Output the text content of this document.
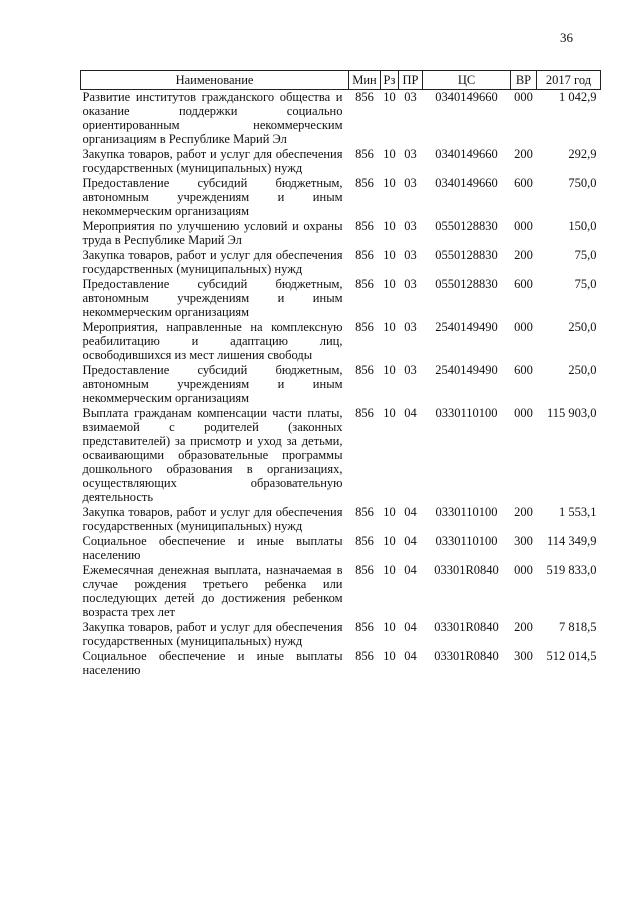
36
Наименование	Мин	Рз	ПР	ЦС	ВР	2017 год
Развитие институтов гражданского общества и оказание поддержки социально ориентированным некоммерческим организациям в Республике Марий Эл	856	10	03	0340149660	000	1 042,9
Закупка товаров, работ и услуг для обеспечения государственных (муниципальных) нужд	856	10	03	0340149660	200	292,9
Предоставление субсидий бюджетным, автономным учреждениям и иным некоммерческим организациям	856	10	03	0340149660	600	750,0
Мероприятия по улучшению условий и охраны труда в Республике Марий Эл	856	10	03	0550128830	000	150,0
Закупка товаров, работ и услуг для обеспечения государственных (муниципальных) нужд	856	10	03	0550128830	200	75,0
Предоставление субсидий бюджетным, автономным учреждениям и иным некоммерческим организациям	856	10	03	0550128830	600	75,0
Мероприятия, направленные на комплексную реабилитацию и адаптацию лиц, освободившихся из мест лишения свободы	856	10	03	2540149490	000	250,0
Предоставление субсидий бюджетным, автономным учреждениям и иным некоммерческим организациям	856	10	03	2540149490	600	250,0
Выплата гражданам компенсации части платы, взимаемой с родителей (законных представителей) за присмотр и уход за детьми, осваивающими образовательные программы дошкольного образования в организациях, осуществляющих образовательную деятельность	856	10	04	0330110100	000	115 903,0
Закупка товаров, работ и услуг для обеспечения государственных (муниципальных) нужд	856	10	04	0330110100	200	1 553,1
Социальное обеспечение и иные выплаты населению	856	10	04	0330110100	300	114 349,9
Ежемесячная денежная выплата, назначаемая в случае рождения третьего ребенка или последующих детей до достижения ребенком возраста трех лет	856	10	04	03301R0840	000	519 833,0
Закупка товаров, работ и услуг для обеспечения государственных (муниципальных) нужд	856	10	04	03301R0840	200	7 818,5
Социальное обеспечение и иные выплаты населению	856	10	04	03301R0840	300	512 014,5
